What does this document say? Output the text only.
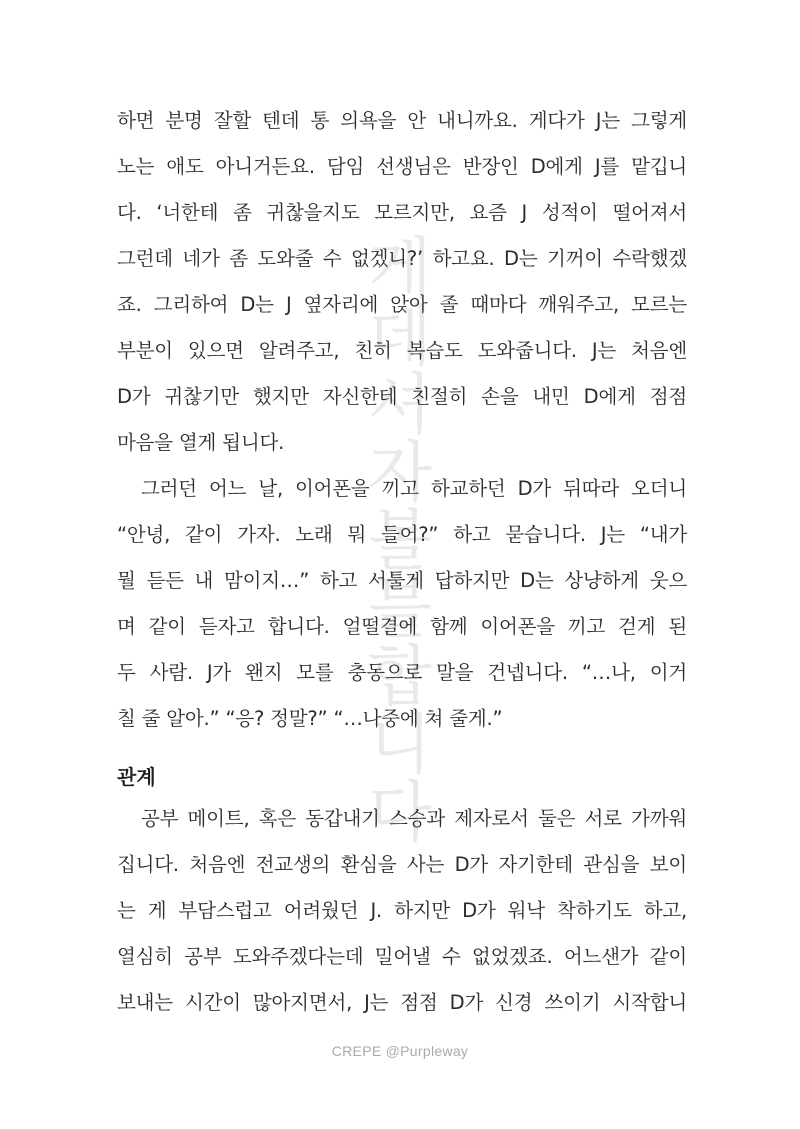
게데셔자볼블합니다
하면 분명 잘할 텐데 통 의욕을 안 내니까요. 게다가 J는 그렇게
노는 애도 아니거든요. 담임 선생님은 반장인 D에게 J를 맡깁니
다. ‘너한테 좀 귀찮을지도 모르지만, 요즘 J 성적이 떨어져서
그런데 네가 좀 도와줄 수 없겠니?’ 하고요. D는 기꺼이 수락했겠
죠. 그리하여 D는 J 옆자리에 앉아 졸 때마다 깨워주고, 모르는
부분이 있으면 알려주고, 친히 복습도 도와줍니다. J는 처음엔
D가 귀찮기만 했지만 자신한테 친절히 손을 내민 D에게 점점
마음을 열게 됩니다.
그러던 어느 날, 이어폰을 끼고 하교하던 D가 뒤따라 오더니
“안녕, 같이 가자. 노래 뭐 들어?” 하고 묻습니다. J는 “내가
뭘 듣든 내 맘이지…” 하고 서툴게 답하지만 D는 상냥하게 웃으
며 같이 듣자고 합니다. 얼떨결에 함께 이어폰을 끼고 걷게 된
두 사람. J가 왠지 모를 충동으로 말을 건넵니다. “…나, 이거
칠 줄 알아.” “응? 정말?” “…나중에 쳐 줄게.”
관계
공부 메이트, 혹은 동갑내기 스승과 제자로서 둘은 서로 가까워
집니다. 처음엔 전교생의 환심을 사는 D가 자기한테 관심을 보이
는 게 부담스럽고 어려웠던 J. 하지만 D가 워낙 착하기도 하고,
열심히 공부 도와주겠다는데 밀어낼 수 없었겠죠. 어느샌가 같이
보내는 시간이 많아지면서, J는 점점 D가 신경 쓰이기 시작합니
CREPE @Purpleway
